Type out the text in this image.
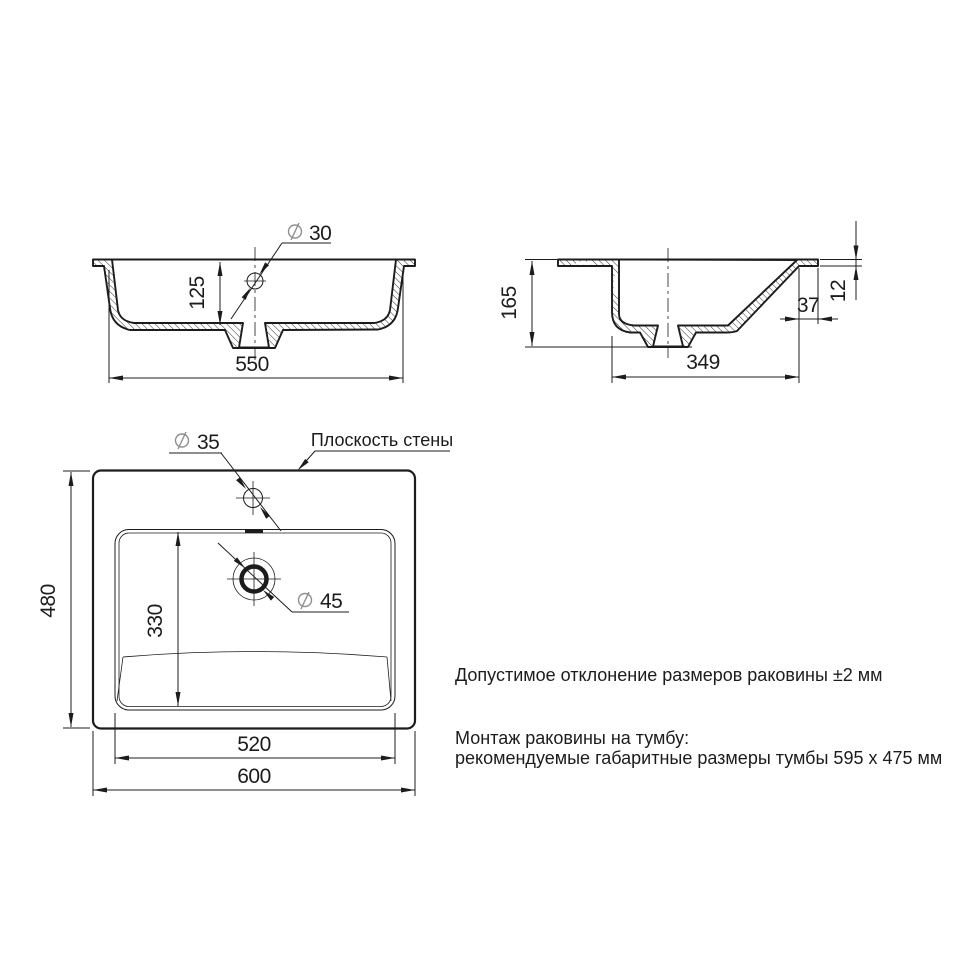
30
125
550
165
349
37
12
35
45
Плоскость стены
480
330
520
600
Допустимое отклонение размеров раковины ±2 мм
Монтаж раковины на тумбу:
рекомендуемые габаритные размеры тумбы 595 x 475 мм
